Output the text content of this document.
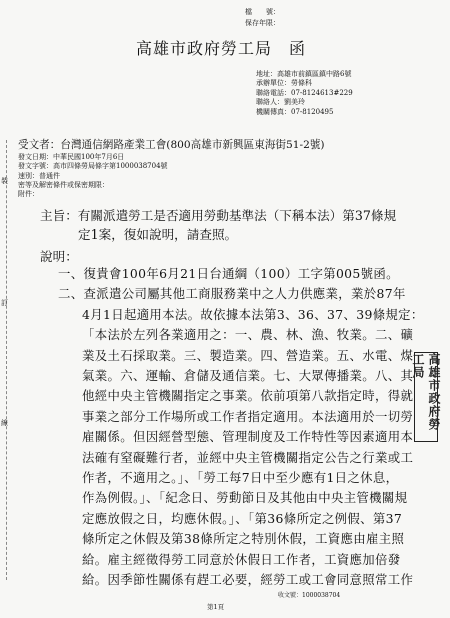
檔　　號：
保存年限：
高雄市政府勞工局　函
地址：高雄市前鎮區鎮中路6號
承辦單位：勞條科
聯絡電話：07-8124613#229
聯絡人：劉美玲
機關傳真：07-8120495
受文者：台灣通信網路產業工會(800高雄市新興區東海街51-2號)
發文日期：中華民國100年7月6日
發文字號：高市四條勞局條字第1000038704號
速別：普通件
密等及解密條件或保密期限：
附件：
裝
訂
線
主旨：有關派遣勞工是否適用勞動基準法（下稱本法）第37條規
定1案，復如說明，請查照。
說明：
一、復貴會100年6月21日台通綱（100）工字第005號函。
二、查派遣公司屬其他工商服務業中之人力供應業，業於87年
4月1日起適用本法。故依據本法第3、36、37、39條規定：
「本法於左列各業適用之：一、農、林、漁、牧業。二、礦
業及土石採取業。三、製造業。四、營造業。五、水電、煤
氣業。六、運輸、倉儲及通信業。七、大眾傳播業。八、其
他經中央主管機關指定之事業。依前項第八款指定時，得就
事業之部分工作場所或工作者指定適用。本法適用於一切勞
雇關係。但因經營型態、管理制度及工作特性等因素適用本
法確有窒礙難行者，並經中央主管機關指定公告之行業或工
作者，不適用之。」、「勞工每7日中至少應有1日之休息，
作為例假。」、「紀念日、勞動節日及其他由中央主管機關規
定應放假之日，均應休假。」、「第36條所定之例假、第37
條所定之休假及第38條所定之特別休假，工資應由雇主照
給。雇主經徵得勞工同意於休假日工作者，工資應加倍發
給。因季節性關係有趕工必要，經勞工或工會同意照常工作
高雄市政府勞工局
收文號：1000038704
第1頁
